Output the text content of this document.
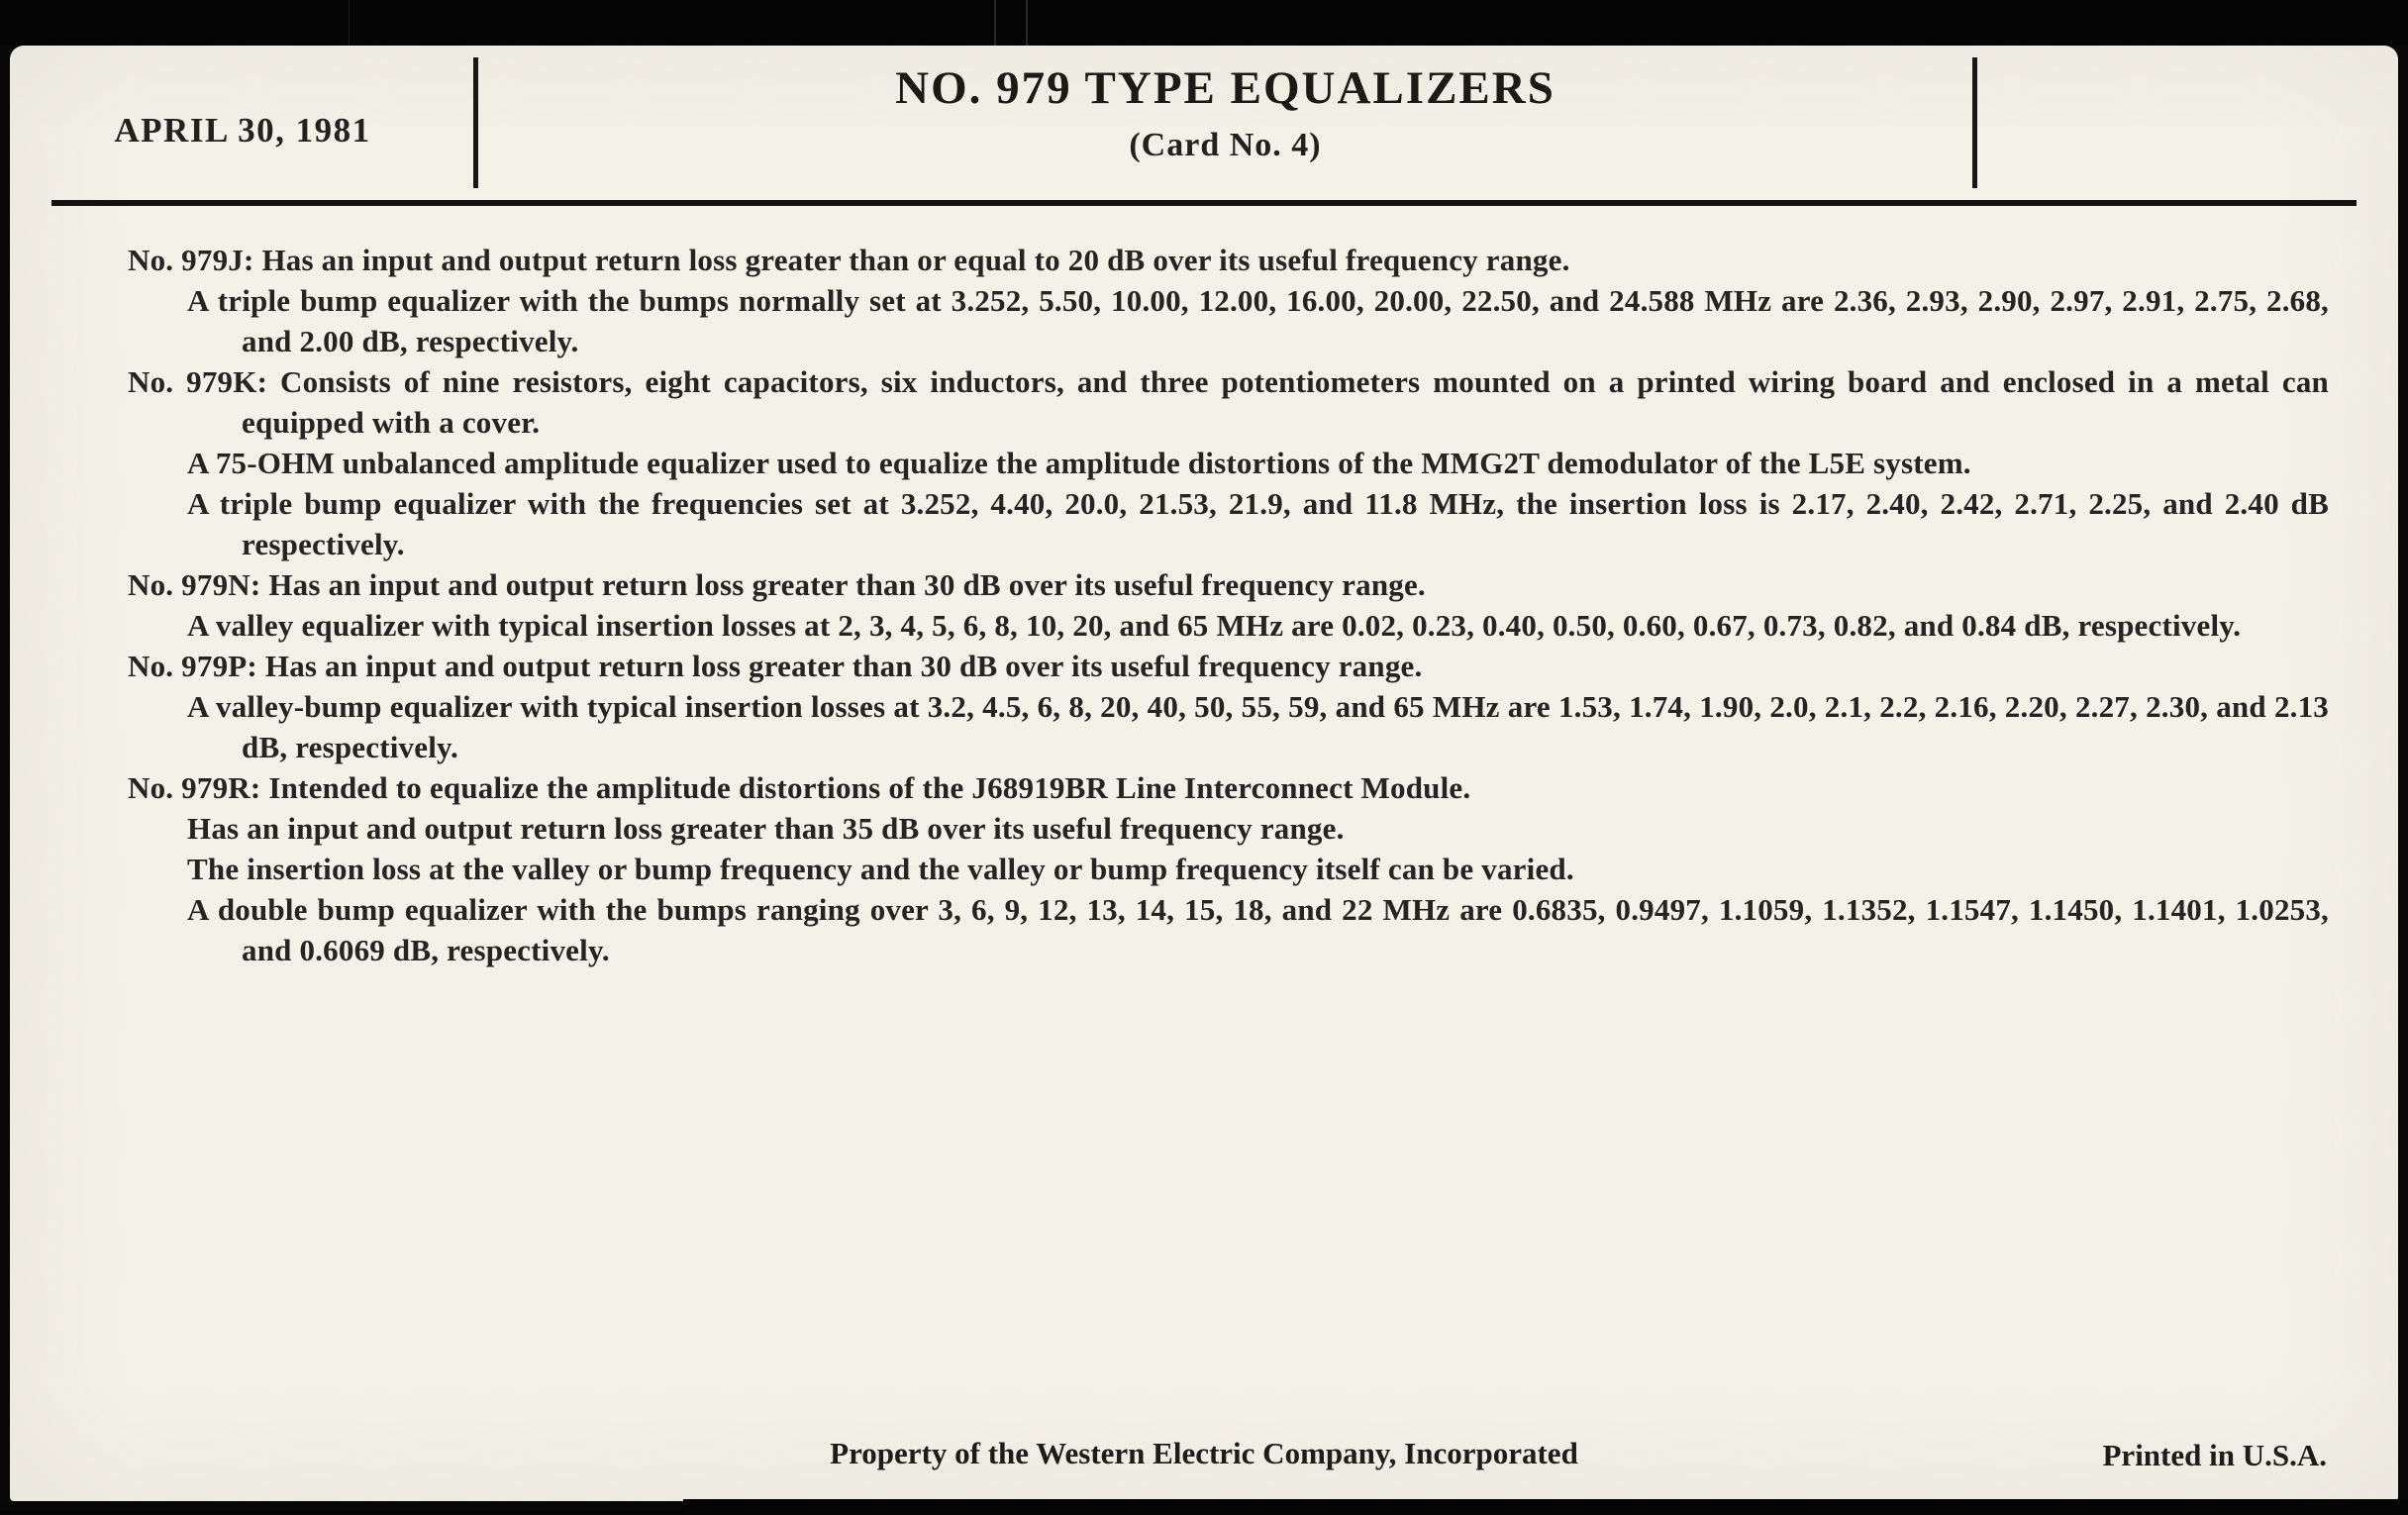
APRIL 30, 1981
NO. 979 TYPE EQUALIZERS
(Card No. 4)

No. 979J: Has an input and output return loss greater than or equal to 20 dB over its useful frequency range.

A triple bump equalizer with the bumps normally set at 3.252, 5.50, 10.00, 12.00, 16.00, 20.00, 22.50, and 24.588 MHz are 2.36, 2.93, 2.90, 2.97, 2.91, 2.75, 2.68, and 2.00 dB, respectively.

No. 979K: Consists of nine resistors, eight capacitors, six inductors, and three potentiometers mounted on a printed wiring board and enclosed in a metal can equipped with a cover.

A 75-OHM unbalanced amplitude equalizer used to equalize the amplitude distortions of the MMG2T demodulator of the L5E system.

A triple bump equalizer with the frequencies set at 3.252, 4.40, 20.0, 21.53, 21.9, and 11.8 MHz, the insertion loss is 2.17, 2.40, 2.42, 2.71, 2.25, and 2.40 dB respectively.

No. 979N: Has an input and output return loss greater than 30 dB over its useful frequency range.

A valley equalizer with typical insertion losses at 2, 3, 4, 5, 6, 8, 10, 20, and 65 MHz are 0.02, 0.23, 0.40, 0.50, 0.60, 0.67, 0.73, 0.82, and 0.84 dB, respectively.

No. 979P: Has an input and output return loss greater than 30 dB over its useful frequency range.

A valley-bump equalizer with typical insertion losses at 3.2, 4.5, 6, 8, 20, 40, 50, 55, 59, and 65 MHz are 1.53, 1.74, 1.90, 2.0, 2.1, 2.2, 2.16, 2.20, 2.27, 2.30, and 2.13 dB, respectively.

No. 979R: Intended to equalize the amplitude distortions of the J68919BR Line Interconnect Module.

Has an input and output return loss greater than 35 dB over its useful frequency range.

The insertion loss at the valley or bump frequency and the valley or bump frequency itself can be varied.

A double bump equalizer with the bumps ranging over 3, 6, 9, 12, 13, 14, 15, 18, and 22 MHz are 0.6835, 0.9497, 1.1059, 1.1352, 1.1547, 1.1450, 1.1401, 1.0253, and 0.6069 dB, respectively.

Property of the Western Electric Company, Incorporated	Printed in U.S.A.
